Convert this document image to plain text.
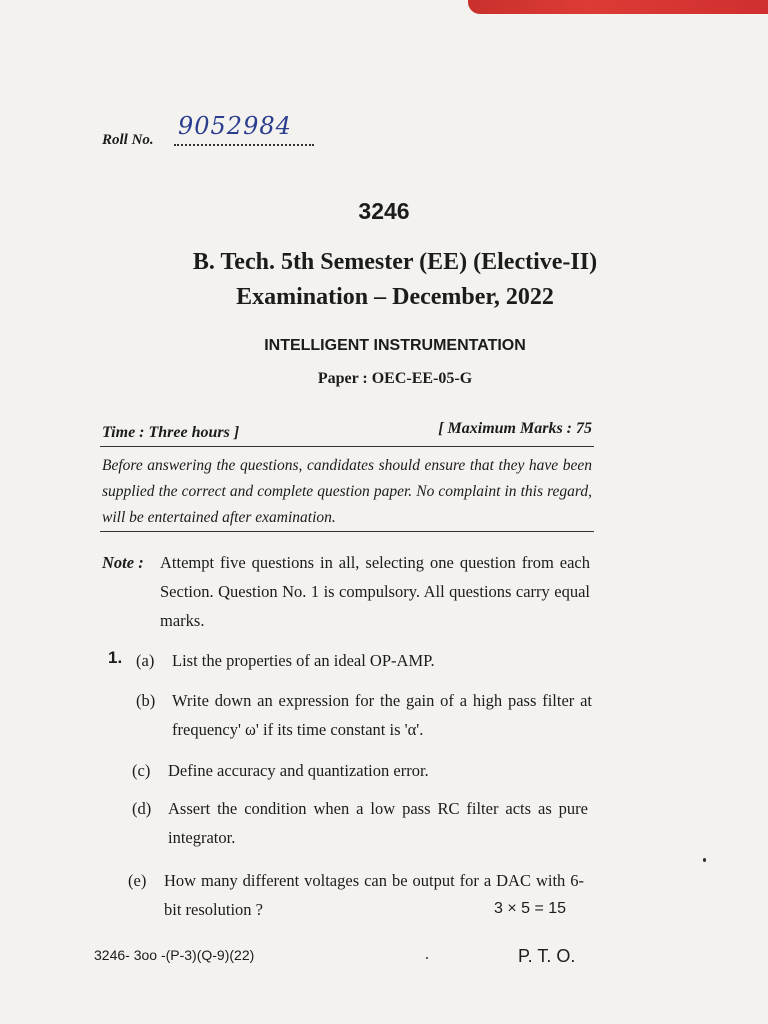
Roll No. 9052984
3246
B. Tech. 5th Semester (EE) (Elective-II)
Examination – December, 2022
INTELLIGENT INSTRUMENTATION
Paper : OEC-EE-05-G
Time : Three hours ]	[ Maximum Marks : 75
Before answering the questions, candidates should ensure that they have been supplied the correct and complete question paper. No complaint in this regard, will be entertained after examination.
Note : Attempt five questions in all, selecting one question from each Section. Question No. 1 is compulsory. All questions carry equal marks.
1. (a) List the properties of an ideal OP-AMP.
(b) Write down an expression for the gain of a high pass filter at frequency' ω' if its time constant is 'α'.
(c) Define accuracy and quantization error.
(d) Assert the condition when a low pass RC filter acts as pure integrator.
(e) How many different voltages can be output for a DAC with 6-bit resolution ?	3 × 5 = 15
3246- 3oo -(P-3)(Q-9)(22)	P. T. O.
